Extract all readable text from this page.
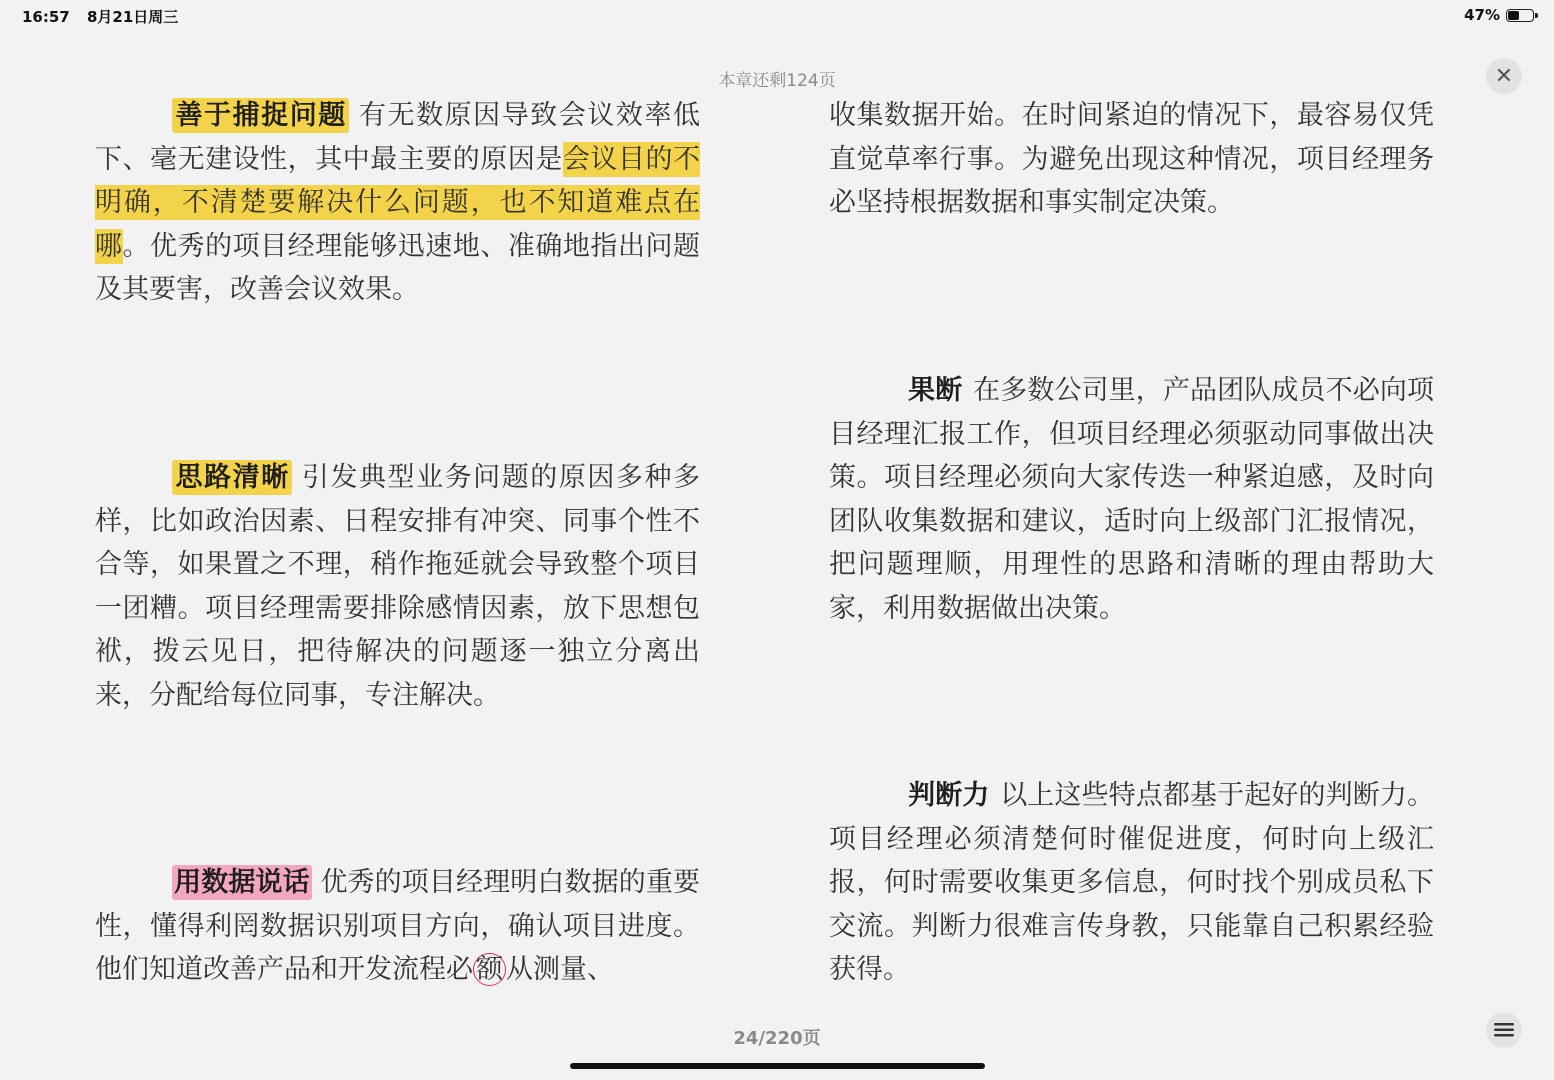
16:57 8月21日周三	47%
本章还剩124页	✕

善于捕捉问题 有无数原因导致会议效率低下、毫无建设性，其中最主要的原因是会议目的不明确，不清楚要解决什么问题，也不知道难点在哪。优秀的项目经理能够迅速地、准确地指出问题及其要害，改善会议效果。

思路清晰 引发典型业务问题的原因多种多样，比如政治因素、日程安排有冲突、同事个性不合等，如果置之不理，稍作拖延就会导致整个项目一团糟。项目经理需要排除感情因素，放下思想包袱，拨云见日，把待解决的问题逐一独立分离出来，分配给每位同事，专注解决。

用数据说话 优秀的项目经理明白数据的重要性，懂得利罔数据识别项目方向，确认项目进度。他们知道改善产品和开发流程必 额 从测量、

收集数据开始。在时间紧迫的情况下，最容易仅凭直觉草率行事。为避免出现这种情况，项目经理务必坚持根据数据和事实制定决策。

果断 在多数公司里，产品团队成员不必向项目经理汇报工作，但项目经理必须驱动同事做出决策。项目经理必须向大家传迭一种紧迫感，及时向团队收集数据和建议，适时向上级部门汇报情况，把问题理顺，用理性的思路和清晰的理由帮助大家，利用数据做出决策。

判断力 以上这些特点都基于起好的判断力。项目经理必须清楚何时催促进度，何时向上级汇报，何时需要收集更多信息，何时找个别成员私下交流。判断力很难言传身教，只能靠自己积累经验获得。

24/220页
